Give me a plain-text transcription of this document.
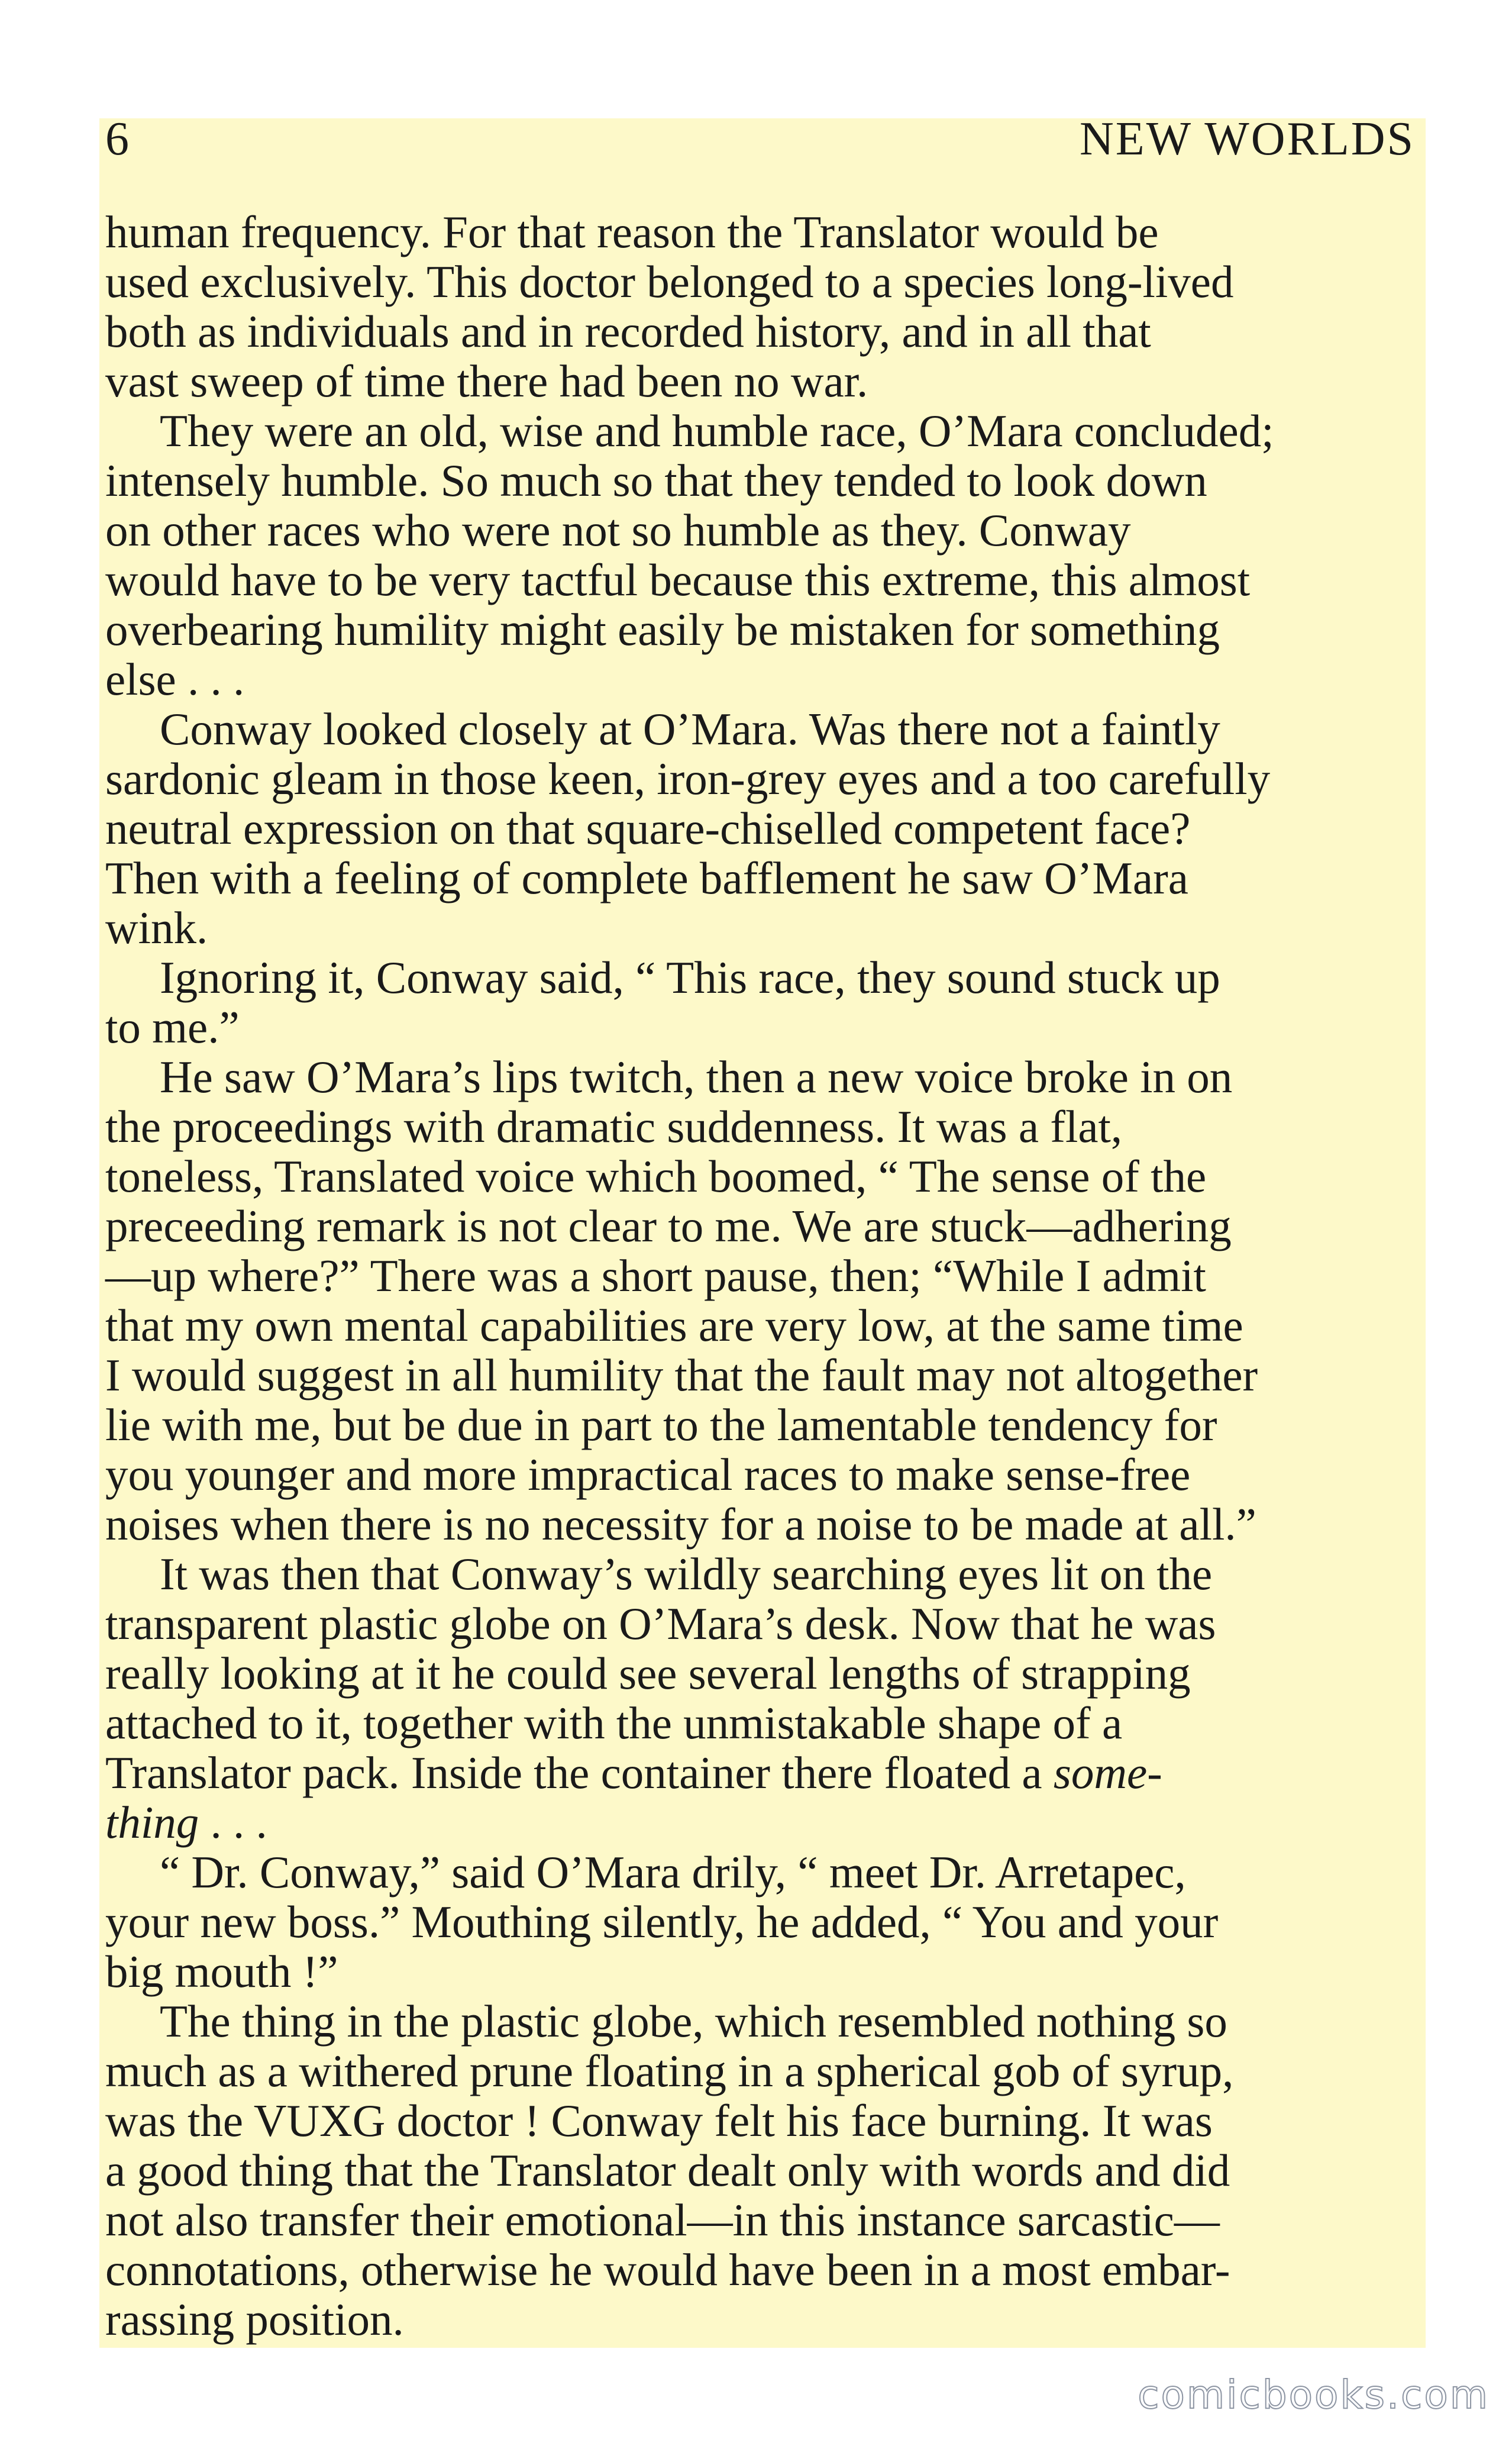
6	NEW WORLDS

human frequency. For that reason the Translator would be
used exclusively. This doctor belonged to a species long-lived
both as individuals and in recorded history, and in all that
vast sweep of time there had been no war.

They were an old, wise and humble race, O’Mara concluded;
intensely humble. So much so that they tended to look down
on other races who were not so humble as they. Conway
would have to be very tactful because this extreme, this almost
overbearing humility might easily be mistaken for something
else . . .

Conway looked closely at O’Mara. Was there not a faintly
sardonic gleam in those keen, iron-grey eyes and a too carefully
neutral expression on that square-chiselled competent face?
Then with a feeling of complete bafflement he saw O’Mara
wink.

Ignoring it, Conway said, “ This race, they sound stuck up
to me.”

He saw O’Mara’s lips twitch, then a new voice broke in on
the proceedings with dramatic suddenness. It was a flat,
toneless, Translated voice which boomed, “ The sense of the
preceeding remark is not clear to me. We are stuck—adhering
—up where?” There was a short pause, then; “While I admit
that my own mental capabilities are very low, at the same time
I would suggest in all humility that the fault may not altogether
lie with me, but be due in part to the lamentable tendency for
you younger and more impractical races to make sense-free
noises when there is no necessity for a noise to be made at all.”

It was then that Conway’s wildly searching eyes lit on the
transparent plastic globe on O’Mara’s desk. Now that he was
really looking at it he could see several lengths of strapping
attached to it, together with the unmistakable shape of a
Translator pack. Inside the container there floated a some-
thing . . .

“ Dr. Conway,” said O’Mara drily, “ meet Dr. Arretapec,
your new boss.” Mouthing silently, he added, “ You and your
big mouth !”

The thing in the plastic globe, which resembled nothing so
much as a withered prune floating in a spherical gob of syrup,
was the VUXG doctor ! Conway felt his face burning. It was
a good thing that the Translator dealt only with words and did
not also transfer their emotional—in this instance sarcastic—
connotations, otherwise he would have been in a most embar-
rassing position.

comicbooks.com
